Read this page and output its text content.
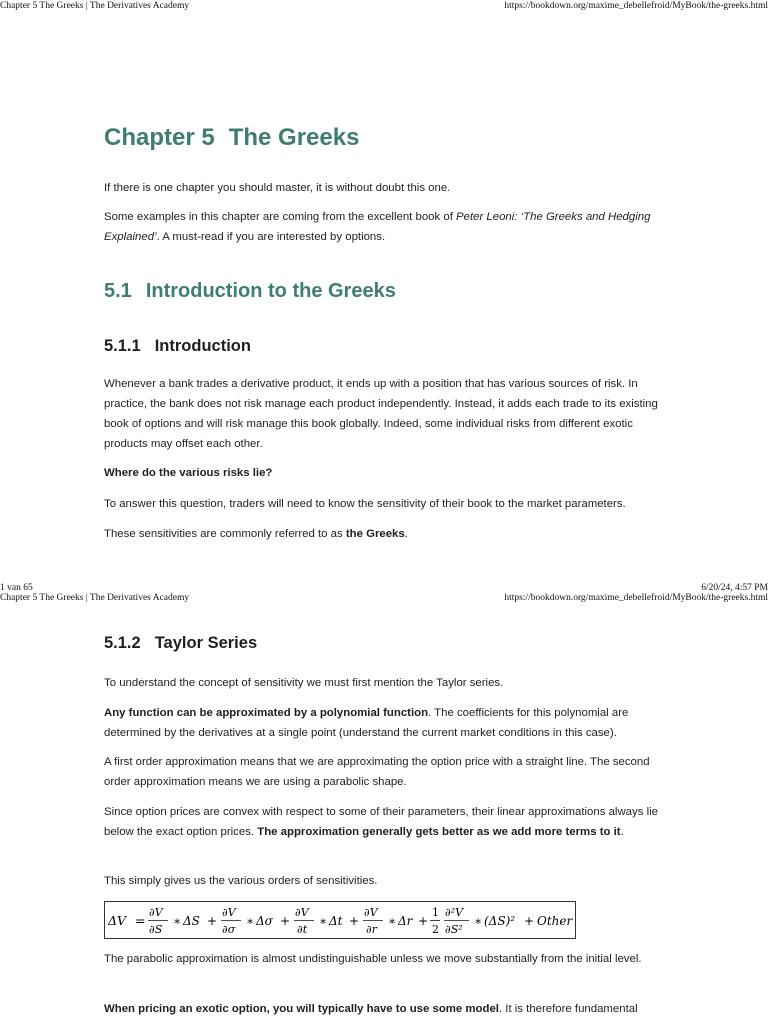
Chapter 5 The Greeks | The Derivatives Academy	https://bookdown.org/maxime_debellefroid/MyBook/the-greeks.html
Chapter 5 The Greeks

If there is one chapter you should master, it is without doubt this one.

Some examples in this chapter are coming from the excellent book of Peter Leoni: ‘The Greeks and Hedging Explained’. A must-read if you are interested by options.

5.1 Introduction to the Greeks
5.1.1 Introduction

Whenever a bank trades a derivative product, it ends up with a position that has various sources of risk. In practice, the bank does not risk manage each product independently. Instead, it adds each trade to its existing book of options and will risk manage this book globally. Indeed, some individual risks from different exotic products may offset each other.

Where do the various risks lie?

To answer this question, traders will need to know the sensitivity of their book to the market parameters.

These sensitivities are commonly referred to as the Greeks.

1 van 65	6/20/24, 4:57 PM
Chapter 5 The Greeks | The Derivatives Academy	https://bookdown.org/maxime_debellefroid/MyBook/the-greeks.html
5.1.2 Taylor Series

To understand the concept of sensitivity we must first mention the Taylor series.

Any function can be approximated by a polynomial function. The coefficients for this polynomial are determined by the derivatives at a single point (understand the current market conditions in this case).

A first order approximation means that we are approximating the option price with a straight line. The second order approximation means we are using a parabolic shape.

Since option prices are convex with respect to some of their parameters, their linear approximations always lie below the exact option prices. The approximation generally gets better as we add more terms to it.

This simply gives us the various orders of sensitivities.

ΔV =
∂V
∂S
∗ ΔS +
∂V
∂σ
∗ Δσ +
∂V
∂t
∗ Δt +
∂V
∂r
∗ Δr +
1
2
∂²V
∂S²
∗ (ΔS)² + Other

The parabolic approximation is almost undistinguishable unless we move substantially from the initial level.

When pricing an exotic option, you will typically have to use some model. It is therefore fundamental
